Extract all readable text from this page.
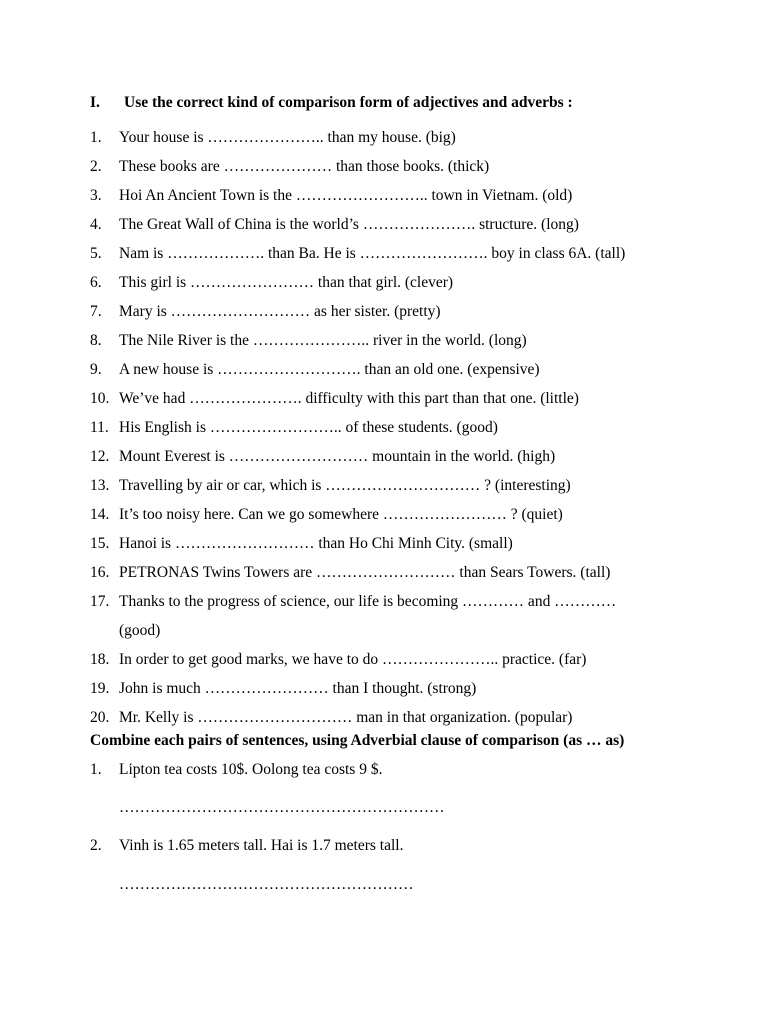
I. Use the correct kind of comparison form of adjectives and adverbs :
1. Your house is ………………….. than my house. (big)
2. These books are ………………… than those books. (thick)
3. Hoi An Ancient Town is the …………………….. town in Vietnam. (old)
4. The Great Wall of China is the world’s …………………. structure. (long)
5. Nam is ………………. than Ba. He is ……………………. boy in class 6A. (tall)
6. This girl is …………………… than that girl. (clever)
7. Mary is ……………………… as her sister. (pretty)
8. The Nile River is the ………………….. river in the world. (long)
9. A new house is ………………………. than an old one. (expensive)
10. We’ve had …………………. difficulty with this part than that one. (little)
11. His English is …………………….. of these students. (good)
12. Mount Everest is ……………………… mountain in the world. (high)
13. Travelling by air or car, which is ………………………… ? (interesting)
14. It’s too noisy here. Can we go somewhere …………………… ? (quiet)
15. Hanoi is ……………………… than Ho Chi Minh City. (small)
16. PETRONAS Twins Towers are ……………………… than Sears Towers. (tall)
17. Thanks to the progress of science, our life is becoming ………… and …………
(good)
18. In order to get good marks, we have to do ………………….. practice. (far)
19. John is much …………………… than I thought. (strong)
20. Mr. Kelly is ………………………… man in that organization. (popular)
Combine each pairs of sentences, using Adverbial clause of comparison (as … as)
1. Lipton tea costs 10$. Oolong tea costs 9 $.
………………………………………………………
2. Vinh is 1.65 meters tall. Hai is 1.7 meters tall.
…………………………………………………
